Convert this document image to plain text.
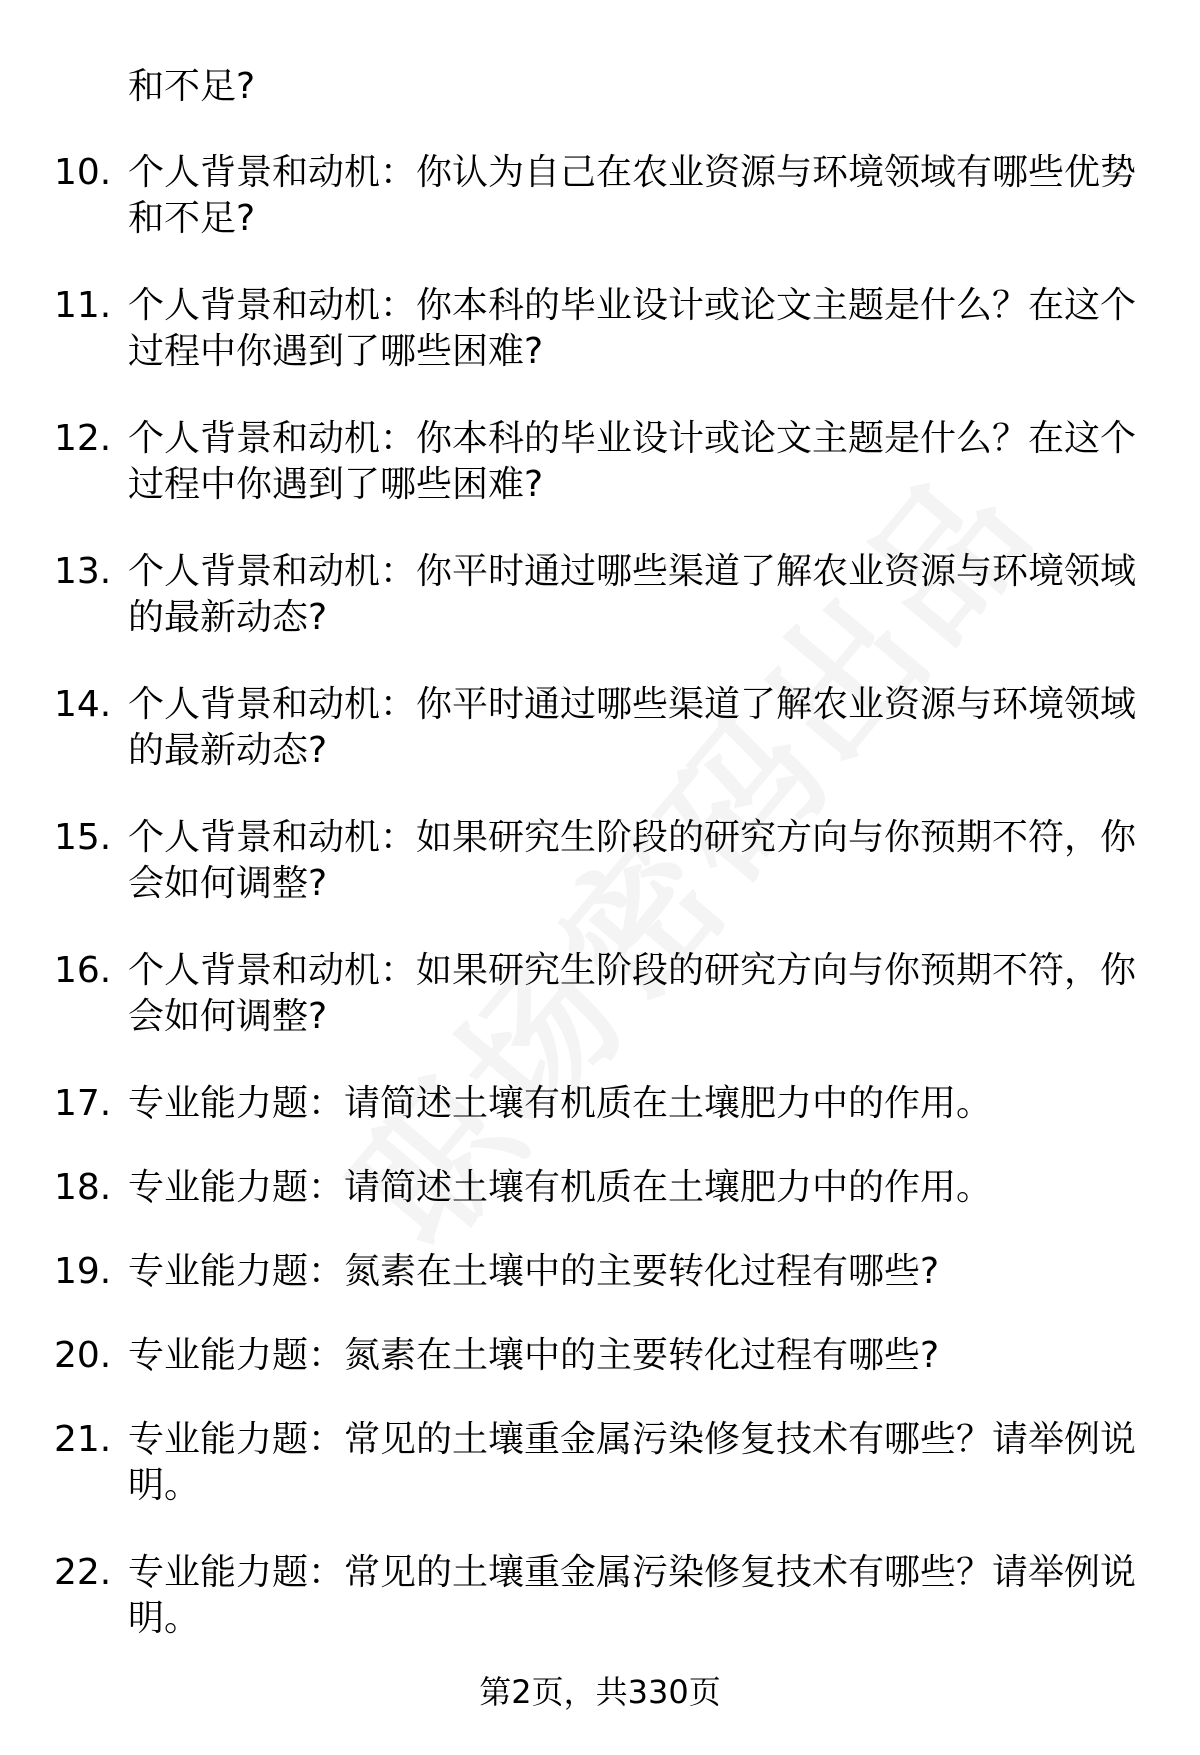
和不足?
10. 个人背景和动机：你认为自己在农业资源与环境领域有哪些优势和不足?
11. 个人背景和动机：你本科的毕业设计或论文主题是什么？在这个过程中你遇到了哪些困难?
12. 个人背景和动机：你本科的毕业设计或论文主题是什么？在这个过程中你遇到了哪些困难?
13. 个人背景和动机：你平时通过哪些渠道了解农业资源与环境领域的最新动态?
14. 个人背景和动机：你平时通过哪些渠道了解农业资源与环境领域的最新动态?
15. 个人背景和动机：如果研究生阶段的研究方向与你预期不符，你会如何调整?
16. 个人背景和动机：如果研究生阶段的研究方向与你预期不符，你会如何调整?
17. 专业能力题：请简述土壤有机质在土壤肥力中的作用。
18. 专业能力题：请简述土壤有机质在土壤肥力中的作用。
19. 专业能力题：氮素在土壤中的主要转化过程有哪些?
20. 专业能力题：氮素在土壤中的主要转化过程有哪些?
21. 专业能力题：常见的土壤重金属污染修复技术有哪些？请举例说明。
22. 专业能力题：常见的土壤重金属污染修复技术有哪些？请举例说明。
第2页，共330页
